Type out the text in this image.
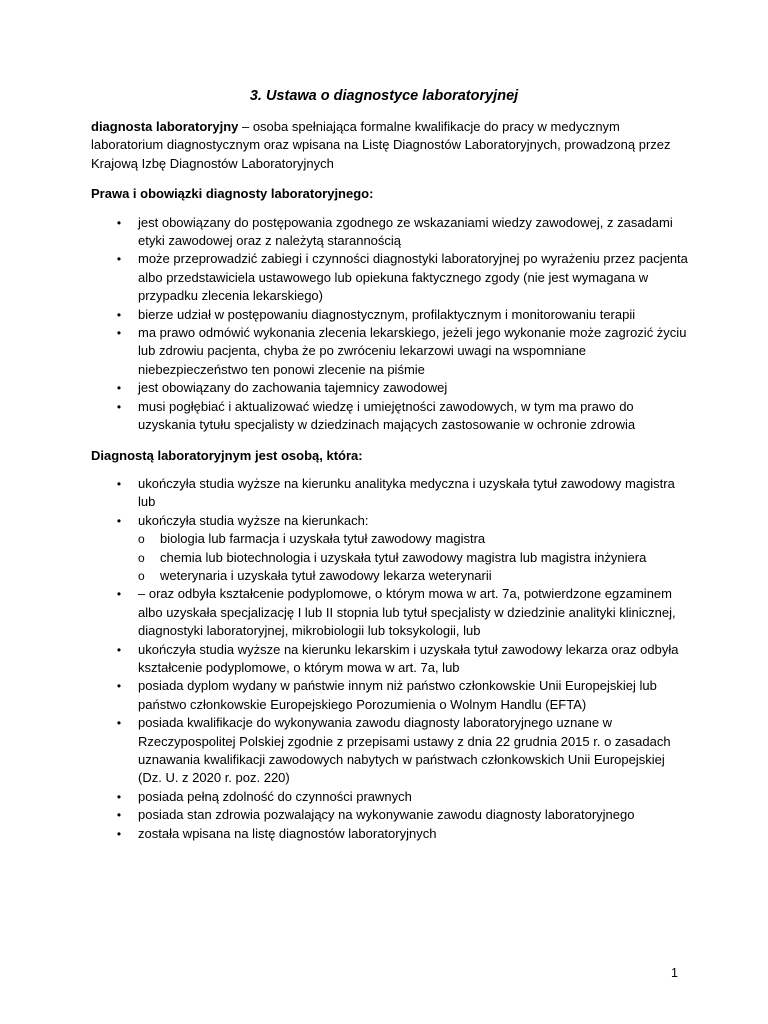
3. Ustawa o diagnostyce laboratoryjnej

diagnosta laboratoryjny – osoba spełniająca formalne kwalifikacje do pracy w medycznym laboratorium diagnostycznym oraz wpisana na Listę Diagnostów Laboratoryjnych, prowadzoną przez Krajową Izbę Diagnostów Laboratoryjnych

Prawa i obowiązki diagnosty laboratoryjnego:
• jest obowiązany do postępowania zgodnego ze wskazaniami wiedzy zawodowej, z zasadami etyki zawodowej oraz z należytą starannością
• może przeprowadzić zabiegi i czynności diagnostyki laboratoryjnej po wyrażeniu przez pacjenta albo przedstawiciela ustawowego lub opiekuna faktycznego zgody (nie jest wymagana w przypadku zlecenia lekarskiego)
• bierze udział w postępowaniu diagnostycznym, profilaktycznym i monitorowaniu terapii
• ma prawo odmówić wykonania zlecenia lekarskiego, jeżeli jego wykonanie może zagrozić życiu lub zdrowiu pacjenta, chyba że po zwróceniu lekarzowi uwagi na wspomniane niebezpieczeństwo ten ponowi zlecenie na piśmie
• jest obowiązany do zachowania tajemnicy zawodowej
• musi pogłębiać i aktualizować wiedzę i umiejętności zawodowych, w tym ma prawo do uzyskania tytułu specjalisty w dziedzinach mających zastosowanie w ochronie zdrowia
Diagnostą laboratoryjnym jest osobą, która:
• ukończyła studia wyższe na kierunku analityka medyczna i uzyskała tytuł zawodowy magistra lub
• ukończyła studia wyższe na kierunkach:
o biologia lub farmacja i uzyskała tytuł zawodowy magistra
o chemia lub biotechnologia i uzyskała tytuł zawodowy magistra lub magistra inżyniera
o weterynaria i uzyskała tytuł zawodowy lekarza weterynarii
• – oraz odbyła kształcenie podyplomowe, o którym mowa w art. 7a, potwierdzone egzaminem albo uzyskała specjalizację I lub II stopnia lub tytuł specjalisty w dziedzinie analityki klinicznej, diagnostyki laboratoryjnej, mikrobiologii lub toksykologii, lub
• ukończyła studia wyższe na kierunku lekarskim i uzyskała tytuł zawodowy lekarza oraz odbyła kształcenie podyplomowe, o którym mowa w art. 7a, lub
• posiada dyplom wydany w państwie innym niż państwo członkowskie Unii Europejskiej lub państwo członkowskie Europejskiego Porozumienia o Wolnym Handlu (EFTA)
• posiada kwalifikacje do wykonywania zawodu diagnosty laboratoryjnego uznane w Rzeczypospolitej Polskiej zgodnie z przepisami ustawy z dnia 22 grudnia 2015 r. o zasadach uznawania kwalifikacji zawodowych nabytych w państwach członkowskich Unii Europejskiej (Dz. U. z 2020 r. poz. 220)
• posiada pełną zdolność do czynności prawnych
• posiada stan zdrowia pozwalający na wykonywanie zawodu diagnosty laboratoryjnego
• została wpisana na listę diagnostów laboratoryjnych
1
